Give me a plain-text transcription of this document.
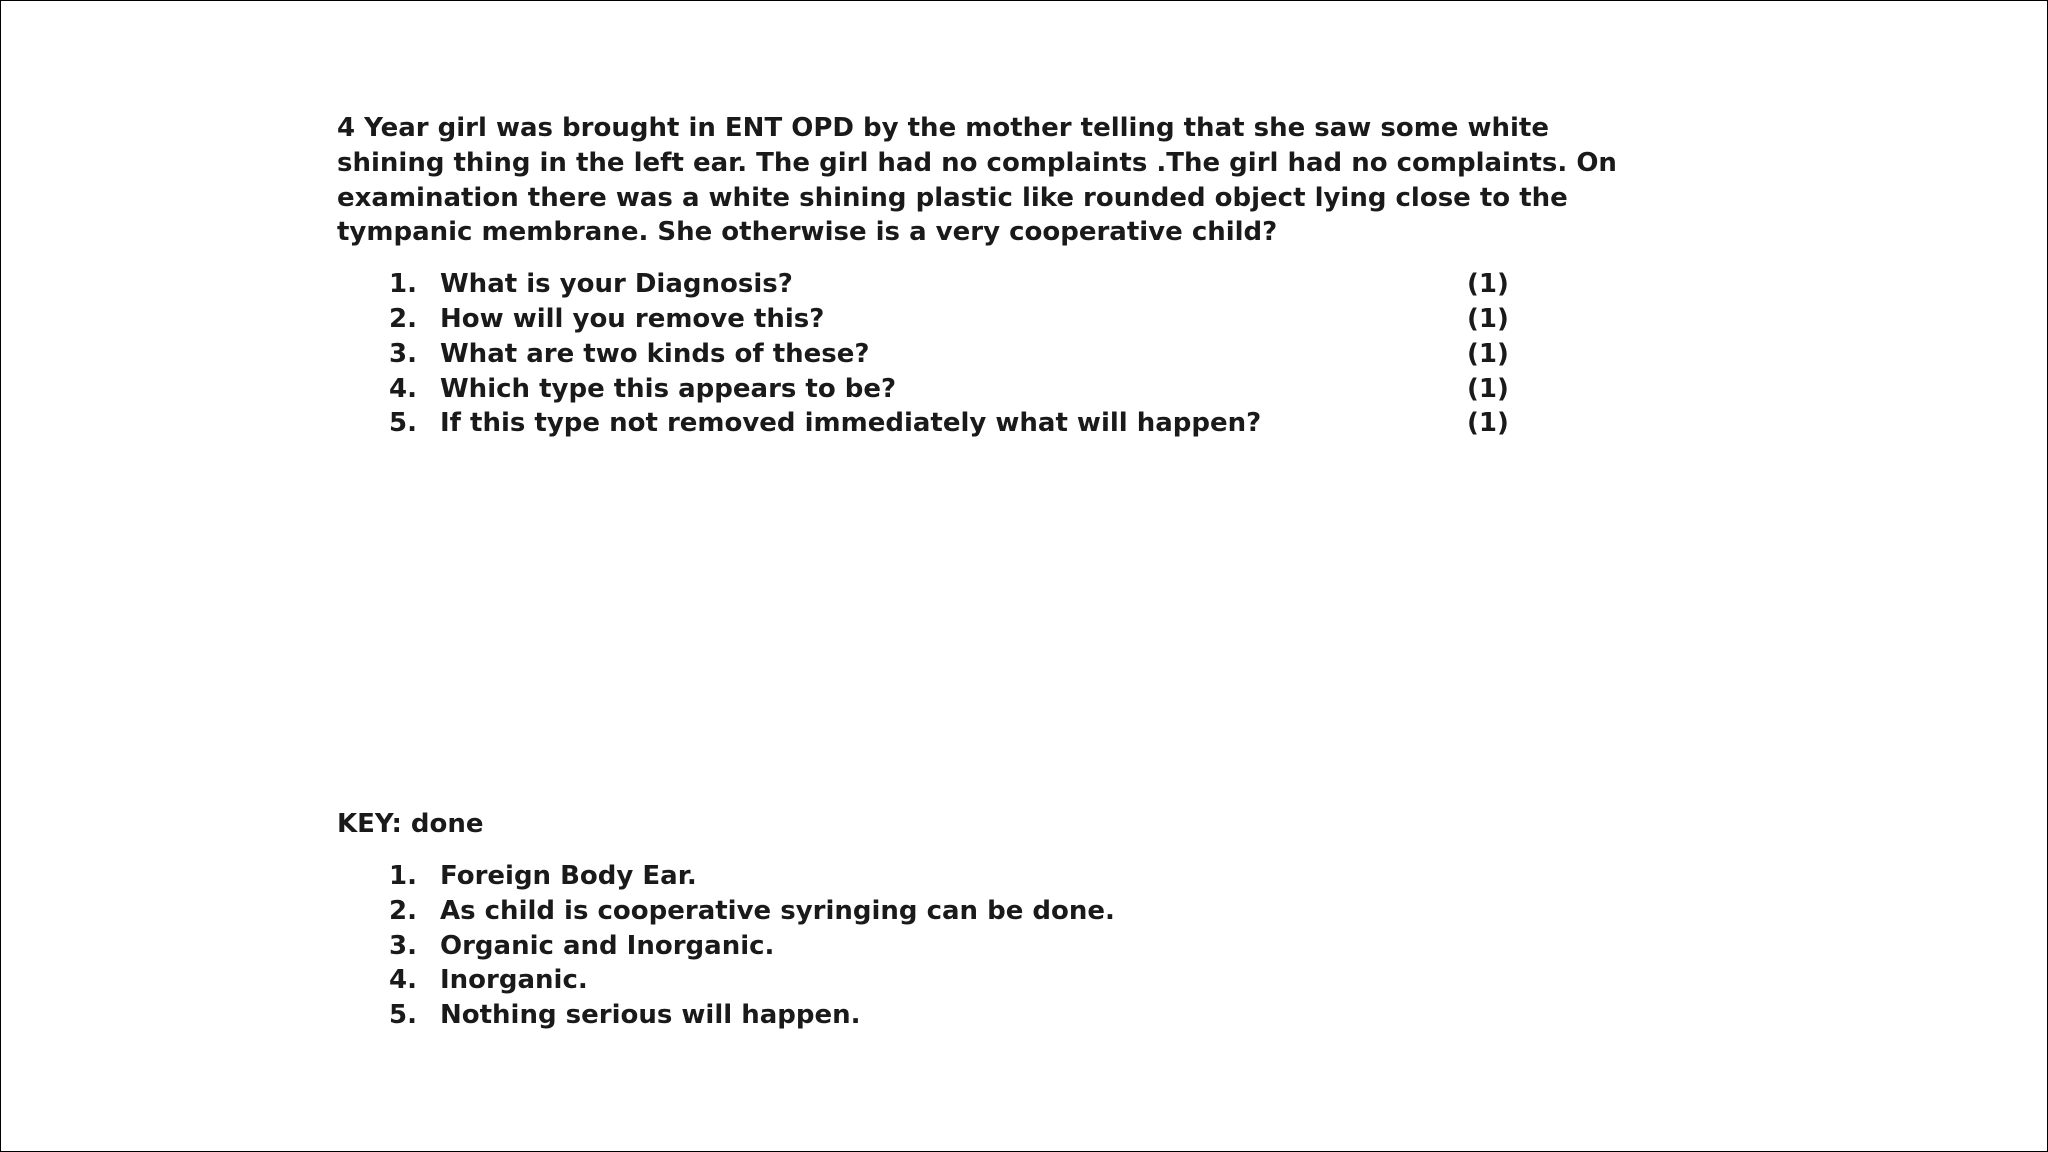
4 Year girl was brought in ENT OPD by the mother telling that she saw some white shining thing in the left ear. The girl had no complaints .The girl had no complaints. On examination there was a white shining plastic like rounded object lying close to the tympanic membrane. She otherwise is a very cooperative child?

1. What is your Diagnosis?	(1)
2. How will you remove this?	(1)
3. What are two kinds of these?	(1)
4. Which type this appears to be?	(1)
5. If this type not removed immediately what will happen?	(1)

KEY: done

1. Foreign Body Ear.
2. As child is cooperative syringing can be done.
3. Organic and Inorganic.
4. Inorganic.
5. Nothing serious will happen.
